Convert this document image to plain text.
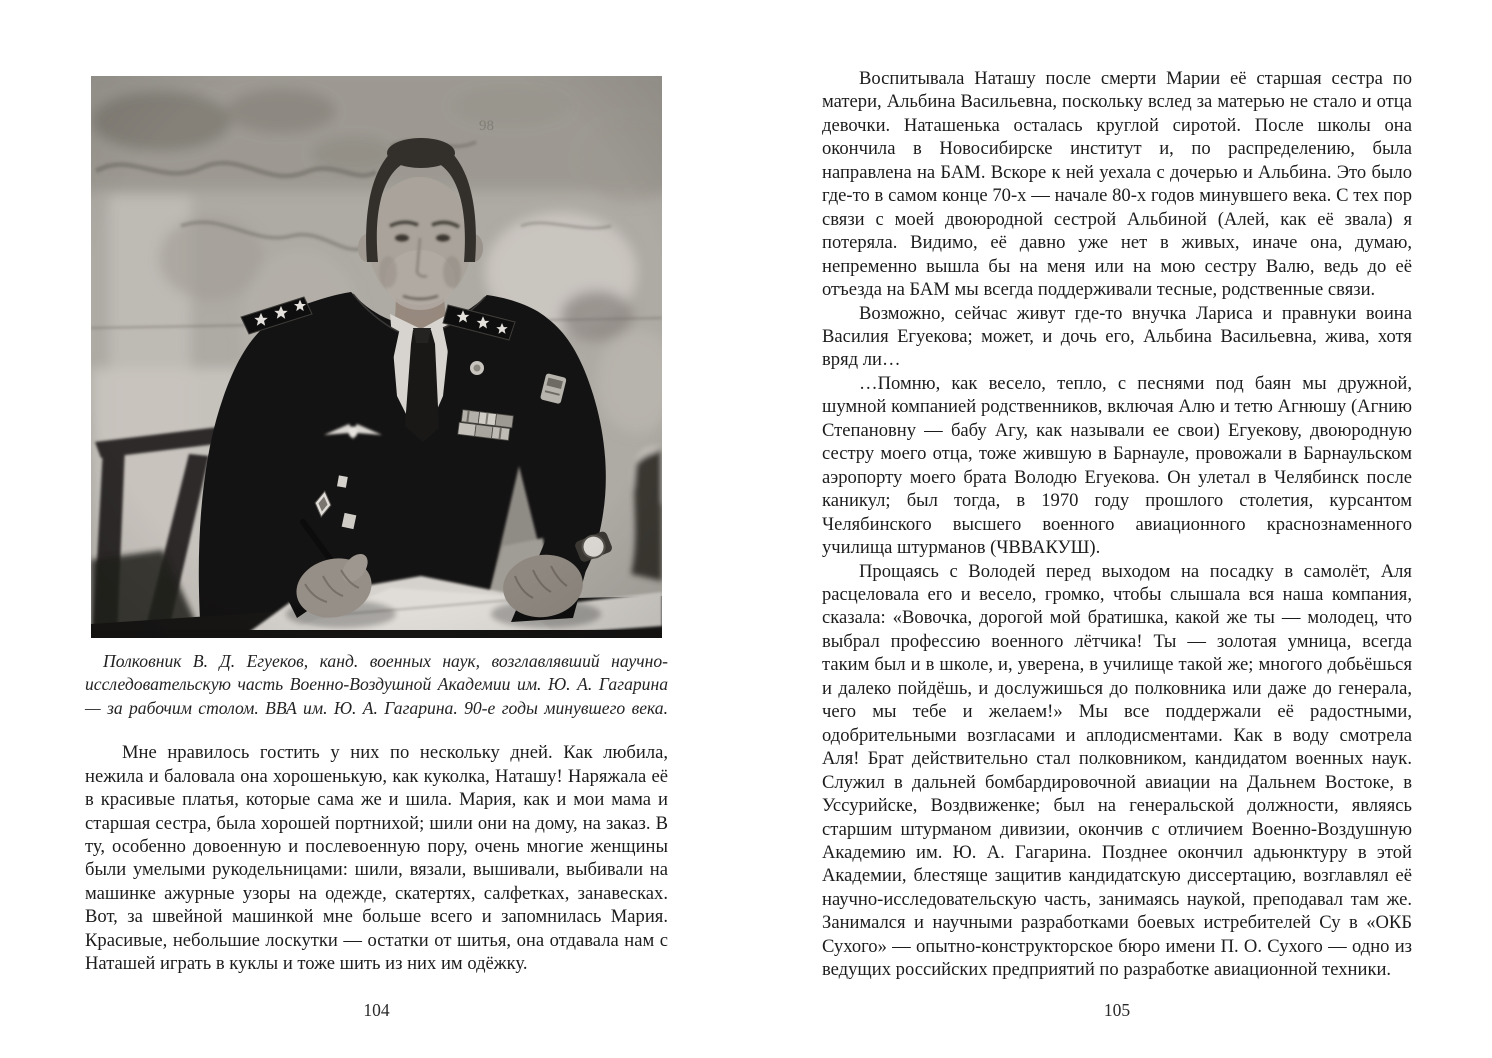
Полковник В. Д. Егуеков, канд. военных наук, возглавлявший научно-исследовательскую часть Военно-Воздушной Академии им. Ю. А. Гагарина — за рабочим столом. ВВА им. Ю. А. Гагарина. 90-е годы минувшего века.

Мне нравилось гостить у них по нескольку дней. Как любила, нежила и баловала она хорошенькую, как куколка, Наташу! Наряжала её в красивые платья, которые сама же и шила. Мария, как и мои мама и старшая сестра, была хорошей портнихой; шили они на дому, на заказ. В ту, особенно довоенную и послевоенную пору, очень многие женщины были умелыми рукодельницами: шили, вязали, вышивали, выбивали на машинке ажурные узоры на одежде, скатертях, салфетках, занавесках. Вот, за швейной машинкой мне больше всего и запомнилась Мария. Красивые, небольшие лоскутки — остатки от шитья, она отдавала нам с Наташей играть в куклы и тоже шить из них им одёжку.

104

Воспитывала Наташу после смерти Марии её старшая сестра по матери, Альбина Васильевна, поскольку вслед за матерью не стало и отца девочки. Наташенька осталась круглой сиротой. После школы она окончила в Новосибирске институт и, по распределению, была направлена на БАМ. Вскоре к ней уехала с дочерью и Альбина. Это было где-то в самом конце 70-х — начале 80-х годов минувшего века. С тех пор связи с моей двоюродной сестрой Альбиной (Алей, как её звала) я потеряла. Видимо, её давно уже нет в живых, иначе она, думаю, непременно вышла бы на меня или на мою сестру Валю, ведь до её отъезда на БАМ мы всегда поддерживали тесные, родственные связи.

Возможно, сейчас живут где-то внучка Лариса и правнуки воина Василия Егуекова; может, и дочь его, Альбина Васильевна, жива, хотя вряд ли…

…Помню, как весело, тепло, с песнями под баян мы дружной, шумной компанией родственников, включая Алю и тетю Агнюшу (Агнию Степановну — бабу Агу, как называли ее свои) Егуекову, двоюродную сестру моего отца, тоже жившую в Барнауле, провожали в Барнаульском аэропорту моего брата Володю Егуекова. Он улетал в Челябинск после каникул; был тогда, в 1970 году прошлого столетия, курсантом Челябинского высшего военного авиационного краснознаменного училища штурманов (ЧВВАКУШ).

Прощаясь с Володей перед выходом на посадку в самолёт, Аля расцеловала его и весело, громко, чтобы слышала вся наша компания, сказала: «Вовочка, дорогой мой братишка, какой же ты — молодец, что выбрал профессию военного лётчика! Ты — золотая умница, всегда таким был и в школе, и, уверена, в училище такой же; многого добьёшься и далеко пойдёшь, и дослужишься до полковника или даже до генерала, чего мы тебе и желаем!» Мы все поддержали её радостными, одобрительными возгласами и аплодисментами. Как в воду смотрела Аля! Брат действительно стал полковником, кандидатом военных наук. Служил в дальней бомбардировочной авиации на Дальнем Востоке, в Уссурийске, Воздвиженке; был на генеральской должности, являясь старшим штурманом дивизии, окончив с отличием Военно-Воздушную Академию им. Ю. А. Гагарина. Позднее окончил адьюнктуру в этой Академии, блестяще защитив кандидатскую диссертацию, возглавлял её научно-исследовательскую часть, занимаясь наукой, преподавал там же. Занимался и научными разработками боевых истребителей Су в «ОКБ Сухого» — опытно-конструкторское бюро имени П. О. Сухого — одно из ведущих российских предприятий по разработке авиационной техники.

105
